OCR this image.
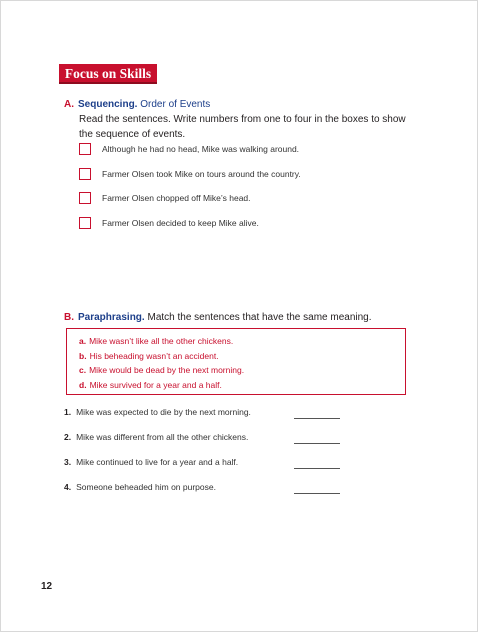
Focus on Skills
A. Sequencing. Order of Events
Read the sentences. Write numbers from one to four in the boxes to show the sequence of events.
Although he had no head, Mike was walking around.
Farmer Olsen took Mike on tours around the country.
Farmer Olsen chopped off Mike’s head.
Farmer Olsen decided to keep Mike alive.
B. Paraphrasing. Match the sentences that have the same meaning.
a. Mike wasn’t like all the other chickens.
b. His beheading wasn’t an accident.
c. Mike would be dead by the next morning.
d. Mike survived for a year and a half.
1. Mike was expected to die by the next morning.
2. Mike was different from all the other chickens.
3. Mike continued to live for a year and a half.
4. Someone beheaded him on purpose.
12
